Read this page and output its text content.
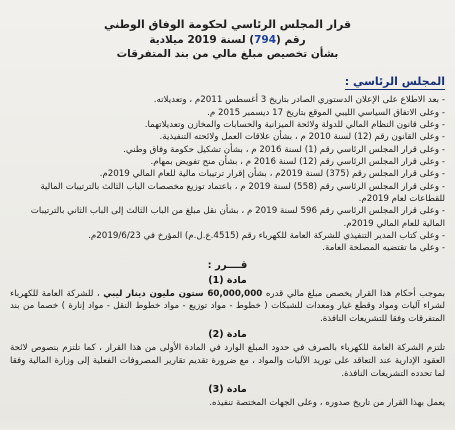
قرار المجلس الرئاسي لحكومة الوفاق الوطني
رقم (794) لسنة 2019 ميلادية
بشأن تخصيص مبلغ مالي من بند المتفرقات
المجلس الرئاسي :
- بعد الاطلاع على الإعلان الدستوري الصادر بتاريخ 3 أغسطس 2011م ، وتعديلاته.
- وعلى الاتفاق السياسي الليبي الموقع بتاريخ 17 ديسمبر 2015 م.
- وعلى قانون النظام المالي للدولة ولائحة الميزانية والحسابات والمخازن وتعديلاتهما.
- وعلى القانون رقم (12) لسنة 2010 م ، بشأن علاقات العمل ولائحته التنفيذية.
- وعلى قرار المجلس الرئاسي رقم (1) لسنة 2016 م ، بشأن تشكيل حكومة وفاق وطني.
- وعلى قرار المجلس الرئاسي رقم (12) لسنة 2016 م ، بشأن منح تفويض بمهام.
- وعلى قرار المجلس رقم (375) لسنة 2019م ، بشأن إقرار ترتيبات مالية للعام المالي 2019م.
- وعلى قرار المجلس الرئاسي رقم (558) لسنة 2019 م ، باعتماد توزيع مخصصات الباب الثالث بالترتيبات المالية للقطاعات لعام 2019م.
- وعلى قرار المجلس الرئاسي رقم 596 لسنة 2019 م ، بشأن نقل مبلغ من الباب الثالث إلى الباب الثاني بالترتيبات المالية للعام المالي 2019م.
- وعلى كتاب المدير التنفيذي للشركة العامة للكهرباء رقم (4515.ع.ل.م) المؤرخ في 2019/6/23م.
- وعلى ما تقتضيه المصلحة العامة.
قــــرر :
مادة (1)
بموجب أحكام هذا القرار يخصص مبلغ مالي قدره 60,000,000 ستون مليون دينار ليبي ، للشركة العامة للكهرباء لشراء آليات ومواد وقطع غيار ومعدات للشبكات ( خطوط - مواد توزيع - مواد خطوط النقل - مواد إنارة ) خصما من بند المتفرقات وفقا للتشريعات النافذة.
مادة (2)
تلتزم الشركة العامة للكهرباء بالصرف في حدود المبلغ الوارد في المادة الأولى من هذا القرار ، كما تلتزم بنصوص لائحة العقود الإدارية عند التعاقد على توريد الآليات والمواد ، مع ضرورة تقديم تقارير المصروفات الفعلية إلى وزارة المالية وفقا لما تحدده التشريعات النافذة.
مادة (3)
يعمل بهذا القرار من تاريخ صدوره ، وعلى الجهات المختصة تنفيذه.
